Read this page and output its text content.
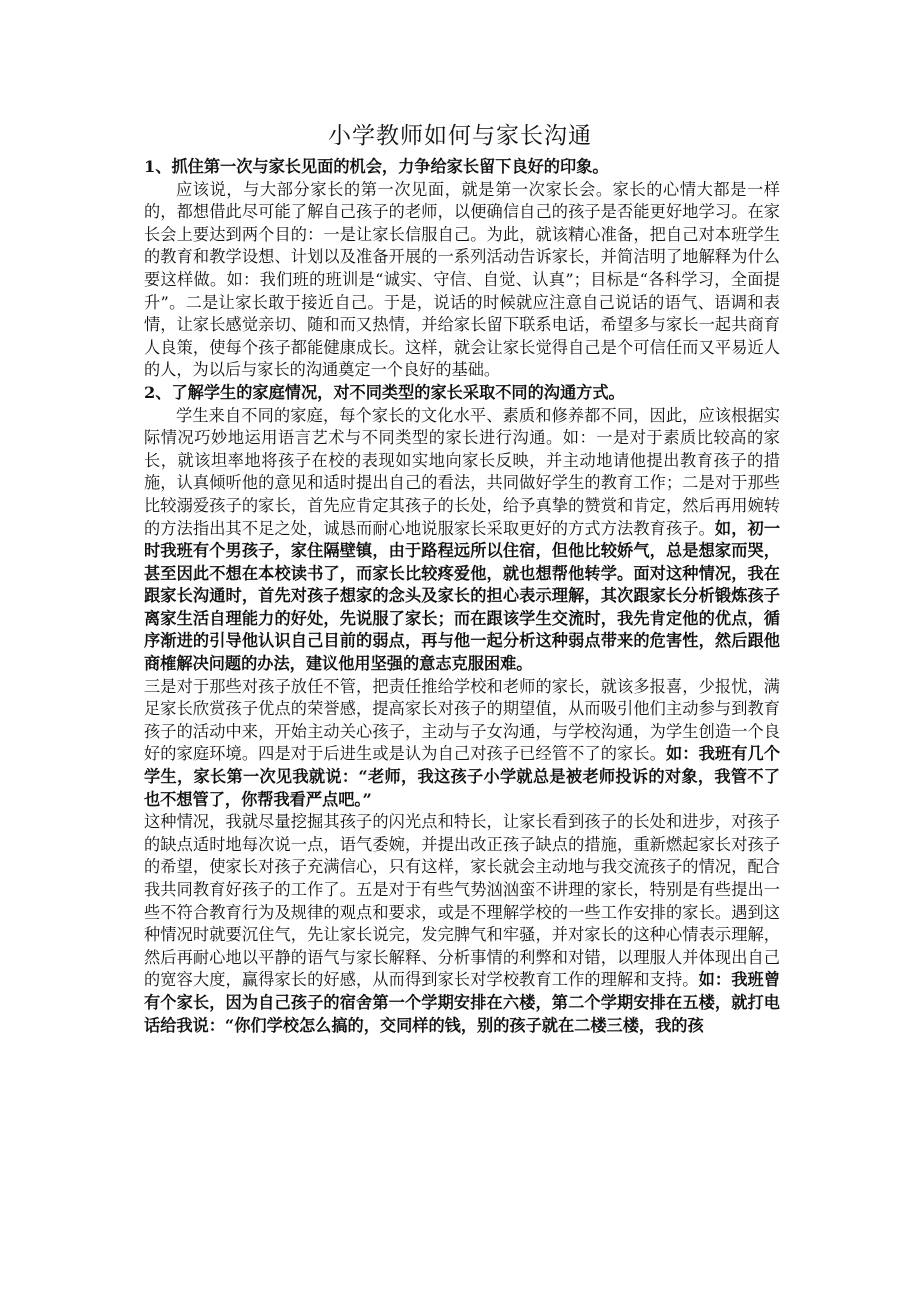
小学教师如何与家长沟通

1、抓住第一次与家长见面的机会，力争给家长留下良好的印象。

应该说，与大部分家长的第一次见面，就是第一次家长会。家长的心情大都是一样的，都想借此尽可能了解自己孩子的老师，以便确信自己的孩子是否能更好地学习。在家长会上要达到两个目的：一是让家长信服自己。为此，就该精心准备，把自己对本班学生的教育和教学设想、计划以及准备开展的一系列活动告诉家长，并简洁明了地解释为什么要这样做。如：我们班的班训是“诚实、守信、自觉、认真”；目标是“各科学习，全面提升”。二是让家长敢于接近自己。于是，说话的时候就应注意自己说话的语气、语调和表情，让家长感觉亲切、随和而又热情，并给家长留下联系电话，希望多与家长一起共商育人良策，使每个孩子都能健康成长。这样，就会让家长觉得自己是个可信任而又平易近人的人，为以后与家长的沟通奠定一个良好的基础。

2、了解学生的家庭情况，对不同类型的家长采取不同的沟通方式。

学生来自不同的家庭，每个家长的文化水平、素质和修养都不同，因此，应该根据实际情况巧妙地运用语言艺术与不同类型的家长进行沟通。如：一是对于素质比较高的家长，就该坦率地将孩子在校的表现如实地向家长反映，并主动地请他提出教育孩子的措施，认真倾听他的意见和适时提出自己的看法，共同做好学生的教育工作；二是对于那些比较溺爱孩子的家长，首先应肯定其孩子的长处，给予真挚的赞赏和肯定，然后再用婉转的方法指出其不足之处，诚恳而耐心地说服家长采取更好的方式方法教育孩子。如，初一时我班有个男孩子，家住隔壁镇，由于路程远所以住宿，但他比较娇气，总是想家而哭，甚至因此不想在本校读书了，而家长比较疼爱他，就也想帮他转学。面对这种情况，我在跟家长沟通时，首先对孩子想家的念头及家长的担心表示理解，其次跟家长分析锻炼孩子离家生活自理能力的好处，先说服了家长；而在跟该学生交流时，我先肯定他的优点，循序渐进的引导他认识自己目前的弱点，再与他一起分析这种弱点带来的危害性，然后跟他商榷解决问题的办法，建议他用坚强的意志克服困难。

三是对于那些对孩子放任不管，把责任推给学校和老师的家长，就该多报喜，少报忧，满足家长欣赏孩子优点的荣誉感，提高家长对孩子的期望值，从而吸引他们主动参与到教育孩子的活动中来，开始主动关心孩子，主动与子女沟通，与学校沟通，为学生创造一个良好的家庭环境。四是对于后进生或是认为自己对孩子已经管不了的家长。如：我班有几个学生，家长第一次见我就说：“老师，我这孩子小学就总是被老师投诉的对象，我管不了也不想管了，你帮我看严点吧。”

这种情况，我就尽量挖掘其孩子的闪光点和特长，让家长看到孩子的长处和进步，对孩子的缺点适时地每次说一点，语气委婉，并提出改正孩子缺点的措施，重新燃起家长对孩子的希望，使家长对孩子充满信心，只有这样，家长就会主动地与我交流孩子的情况，配合我共同教育好孩子的工作了。五是对于有些气势汹汹蛮不讲理的家长，特别是有些提出一些不符合教育行为及规律的观点和要求，或是不理解学校的一些工作安排的家长。遇到这种情况时就要沉住气，先让家长说完，发完脾气和牢骚，并对家长的这种心情表示理解，然后再耐心地以平静的语气与家长解释、分析事情的利弊和对错，以理服人并体现出自己的宽容大度，赢得家长的好感，从而得到家长对学校教育工作的理解和支持。如：我班曾有个家长，因为自己孩子的宿舍第一个学期安排在六楼，第二个学期安排在五楼，就打电话给我说：“你们学校怎么搞的，交同样的钱，别的孩子就在二楼三楼，我的孩
